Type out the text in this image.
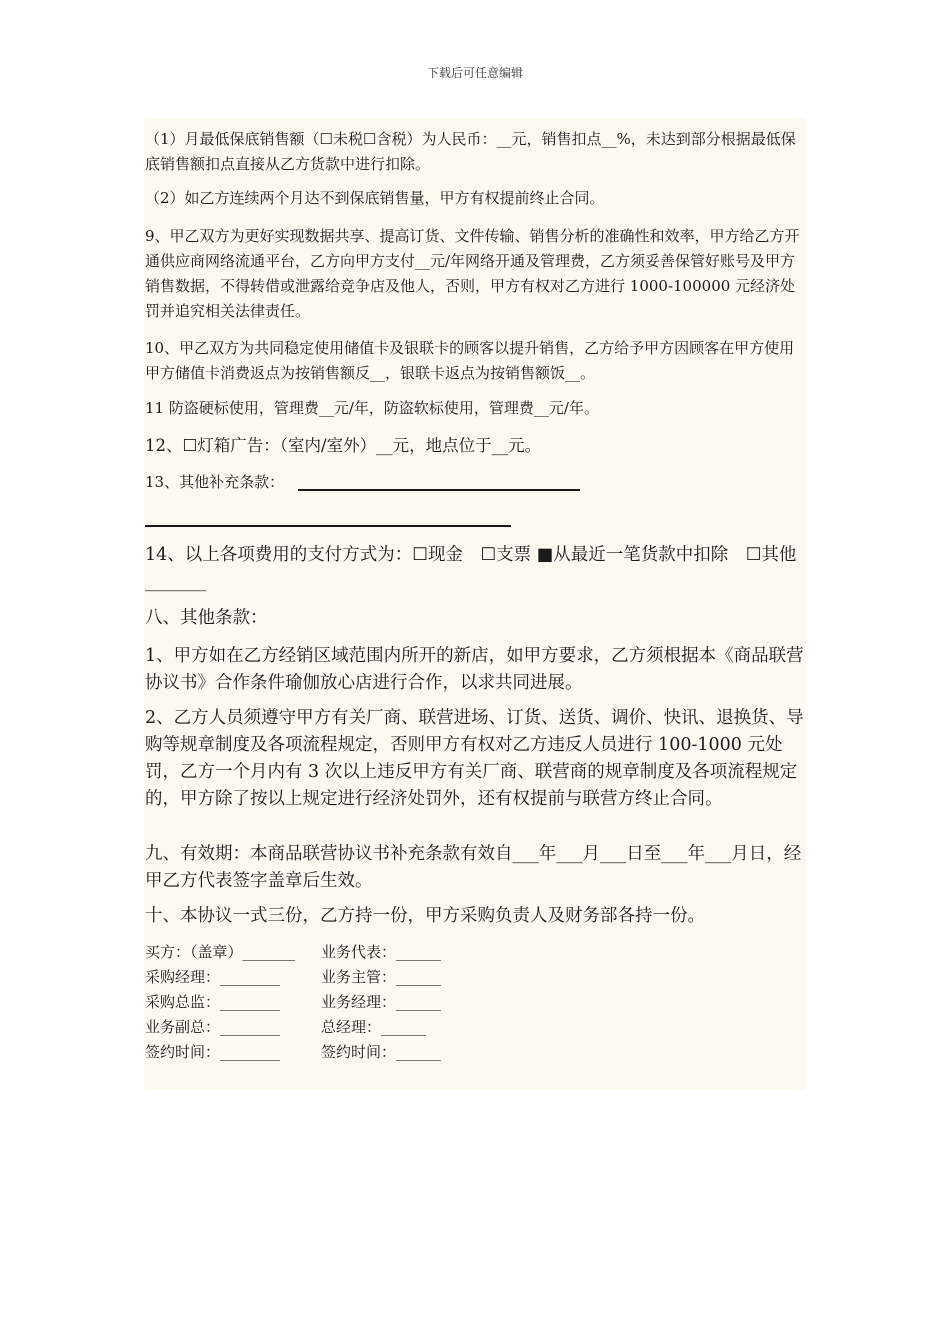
下载后可任意编辑

（1）月最低保底销售额（☐未税☐含税）为人民币：__元，销售扣点__%，未达到部分根据最低保底销售额扣点直接从乙方货款中进行扣除。

（2）如乙方连续两个月达不到保底销售量，甲方有权提前终止合同。

9、甲乙双方为更好实现数据共享、提高订货、文件传输、销售分析的准确性和效率，甲方给乙方开通供应商网络流通平台，乙方向甲方支付__元/年网络开通及管理费，乙方须妥善保管好账号及甲方销售数据，不得转借或泄露给竞争店及他人，否则，甲方有权对乙方进行 1000-100000 元经济处罚并追究相关法律责任。

10、甲乙双方为共同稳定使用储值卡及银联卡的顾客以提升销售，乙方给予甲方因顾客在甲方使用甲方储值卡消费返点为按销售额反__，银联卡返点为按销售额饭__。

11 防盗硬标使用，管理费__元/年，防盗软标使用，管理费__元/年。

12、☐灯箱广告：（室内/室外）__元，地点位于__元。

13、其他补充条款：

14、以上各项费用的支付方式为：☐现金　☐支票 ■从最近一笔货款中扣除　☐其他_______

八、其他条款：

1、甲方如在乙方经销区域范围内所开的新店，如甲方要求，乙方须根据本《商品联营协议书》合作条件瑜伽放心店进行合作，以求共同进展。

2、乙方人员须遵守甲方有关厂商、联营进场、订货、送货、调价、快讯、退换货、导购等规章制度及各项流程规定，否则甲方有权对乙方违反人员进行 100-1000 元处罚，乙方一个月内有 3 次以上违反甲方有关厂商、联营商的规章制度及各项流程规定的，甲方除了按以上规定进行经济处罚外，还有权提前与联营方终止合同。

九、有效期：本商品联营协议书补充条款有效自___年___月___日至___年___月日，经甲乙方代表签字盖章后生效。

十、本协议一式三份，乙方持一份，甲方采购负责人及财务部各持一份。

买方：（盖章）_______	业务代表：______
采购经理：________	业务主管：______
采购总监：________	业务经理：______
业务副总：________	总经理：______
签约时间：________	签约时间：______
